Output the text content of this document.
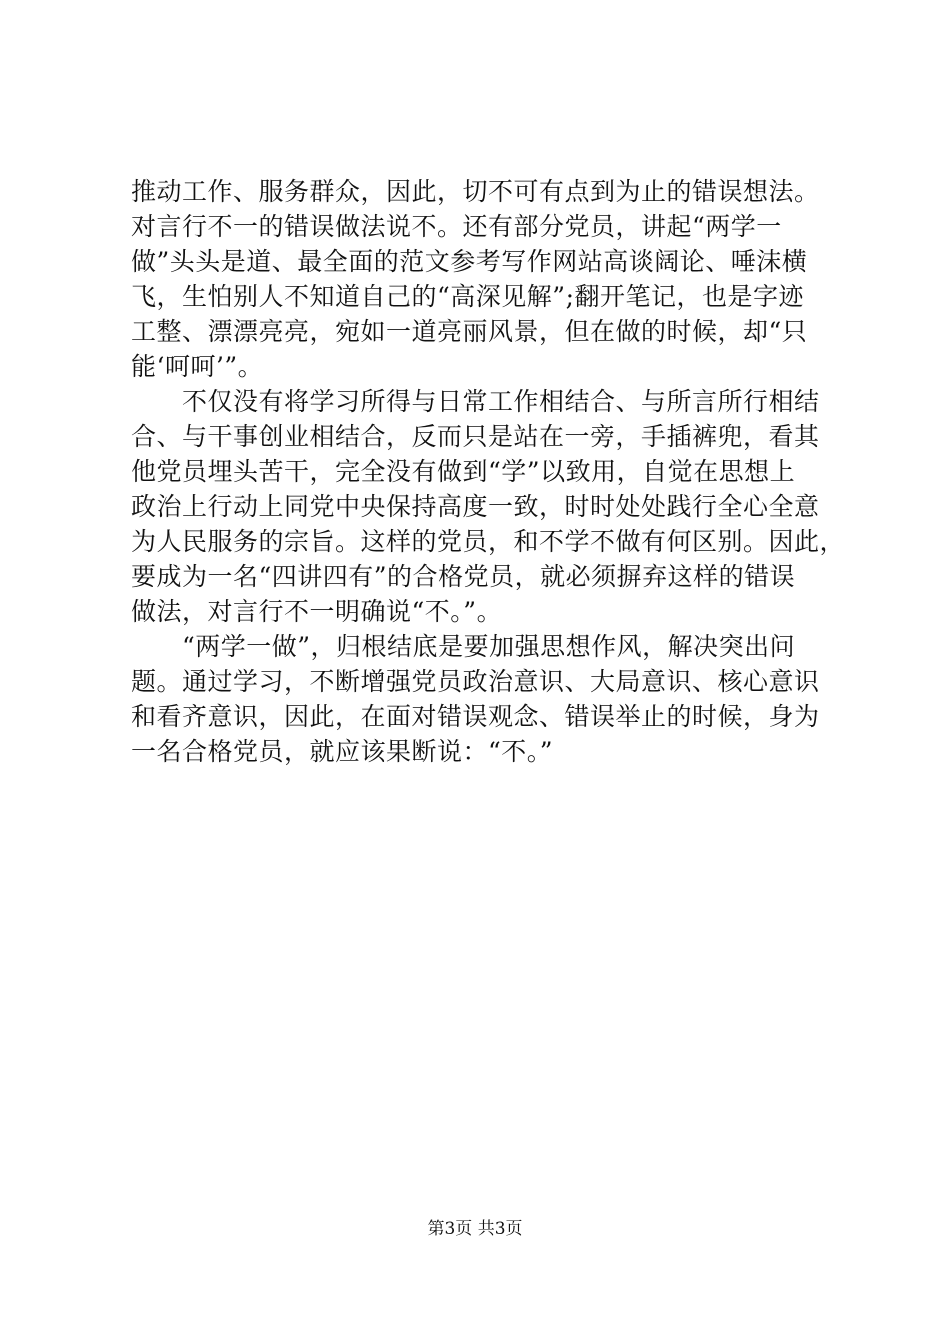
推动工作、服务群众，因此，切不可有点到为止的错误想法。
对言行不一的错误做法说不。还有部分党员，讲起“两学一
做”头头是道、最全面的范文参考写作网站高谈阔论、唾沫横
飞，生怕别人不知道自己的“高深见解”;翻开笔记，也是字迹
工整、漂漂亮亮，宛如一道亮丽风景，但在做的时候，却“只
能‘呵呵’”。
　　不仅没有将学习所得与日常工作相结合、与所言所行相结
合、与干事创业相结合，反而只是站在一旁，手插裤兜，看其
他党员埋头苦干，完全没有做到“学”以致用，自觉在思想上
政治上行动上同党中央保持高度一致，时时处处践行全心全意
为人民服务的宗旨。这样的党员，和不学不做有何区别。因此，
要成为一名“四讲四有”的合格党员，就必须摒弃这样的错误
做法，对言行不一明确说“不。”。
　　“两学一做”，归根结底是要加强思想作风，解决突出问
题。通过学习，不断增强党员政治意识、大局意识、核心意识
和看齐意识，因此，在面对错误观念、错误举止的时候，身为
一名合格党员，就应该果断说：“不。”
第3页 共3页
